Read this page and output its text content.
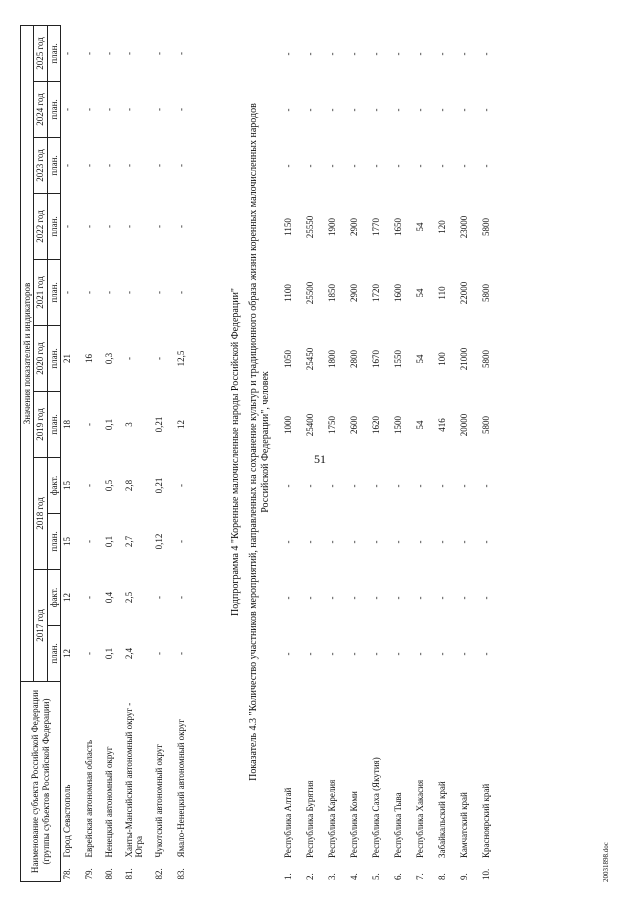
51
Наименование субъекта Российской Федерации (группы субъектов Российской Федерации)		Значения показателей и индикаторов										
		2017 год		2018 год		2019 год	2020 год	2021 год	2022 год	2023 год	2024 год	2025 год
		план.	факт.	план.	факт.	план.	план.	план.	план.	план.	план.	план.
78.	Город Севастополь	12	12	15	15	18	21	-	-	-	-	-
79.	Еврейская автономная область	-	-	-	-	-	16	-	-	-	-	-
80.	Ненецкий автономный округ	0,1	0,4	0,1	0,5	0,1	0,3	-	-	-	-	-
81.	Ханты-Мансийский автономный округ - Югра	2,4	2,5	2,7	2,8	3	-	-	-	-	-	-
82.	Чукотский автономный округ	-	-	0,12	0,21	0,21	-	-	-	-	-	-
83.	Ямало-Ненецкий автономный округ	-	-	-	-	12	12,5	-	-	-	-	-
Подпрограмма 4 "Коренные малочисленные народы Российской Федерации" Показатель 4.3 "Количество участников мероприятий, направленных на сохранение культур и традиционного образа жизни коренных малочисленных народов Российской Федерации", человек
1.	Республика Алтай	-	-	-	-	1000	1050	1100	1150	-	-	-
2.	Республика Бурятия	-	-	-	-	25400	25450	25500	25550	-	-	-
3.	Республика Карелия	-	-	-	-	1750	1800	1850	1900	-	-	-
4.	Республика Коми	-	-	-	-	2600	2800	2900	2900	-	-	-
5.	Республика Саха (Якутия)	-	-	-	-	1620	1670	1720	1770	-	-	-
6.	Республика Тыва	-	-	-	-	1500	1550	1600	1650	-	-	-
7.	Республика Хакасия	-	-	-	-	54	54	54	54	-	-	-
8.	Забайкальский край	-	-	-	-	416	100	110	120	-	-	-
9.	Камчатский край	-	-	-	-	20000	21000	22000	23000	-	-	-
10.	Красноярский край	-	-	-	-	5800	5800	5800	5800	-	-	-
20031898.doc
